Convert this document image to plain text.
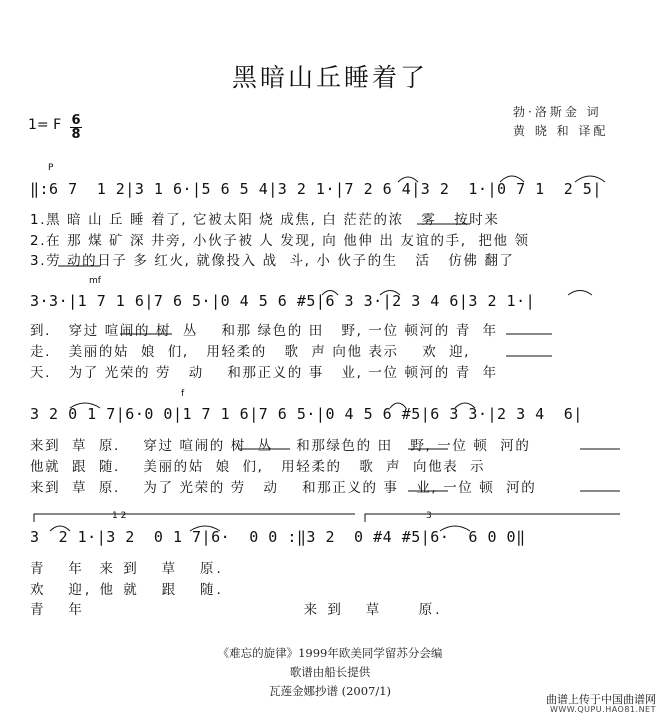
黑暗山丘睡着了
勃·洛斯金 词
黄 晓 和 译配
1= F 6
8
P
mf
f
1 2	3
‖:6 7  1 2|3 1 6·|5 6 5 4|3 2 1·|7 2 6 4|3 2  1·|0 7 1  2 5|
1.黑 暗 山 丘 睡 着了, 它被太阳 烧 成焦, 白 茫茫的浓   雾   按时来
2.在 那 煤 矿 深 井旁, 小伙子被 人 发现, 向 他伸 出 友谊的手,  把他 领
3.劳 动的日子 多 红火, 就像投入 战  斗, 小 伙子的生   活   仿佛 翻了
3·3·|1 7 1 6|7 6 5·|0 4 5 6 #5|6 3 3·|2 3 4 6|3 2 1·|
到.   穿过 喧闹的 树  丛    和那 绿色的 田   野, 一位 顿河的 青  年
走.   美丽的姑  娘  们,   用轻柔的   歌  声 向他 表示    欢  迎,
天.   为了 光荣的 劳   动    和那正义的 事   业, 一位 顿河的 青  年
3 2 0 1 7|6·0 0|1 7 1 6|7 6 5·|0 4 5 6 #5|6 3 3·|2 3 4  6|
来到  草  原.    穿过 喧闹的 树  丛    和那绿色的 田   野, 一位 顿  河的
他就  跟  随.    美丽的姑  娘  们,   用轻柔的   歌  声  向他表  示
来到  草  原.    为了 光荣的 劳   动    和那正义的 事   业, 一位 顿  河的
3  2 1·|3 2  0 1 7|6·  0 0 :‖3 2  0 #4 #5|6·  6 0 0‖
青   年  来 到   草   原.
欢   迎, 他 就   跟   随.
青   年                              来 到   草     原.
《难忘的旋律》1999年欧美同学留苏分会编
歌谱由船长提供
瓦莲金娜抄谱 (2007/1)
曲谱上传于中国曲谱网
WWW.QUPU.HAO81.NET
